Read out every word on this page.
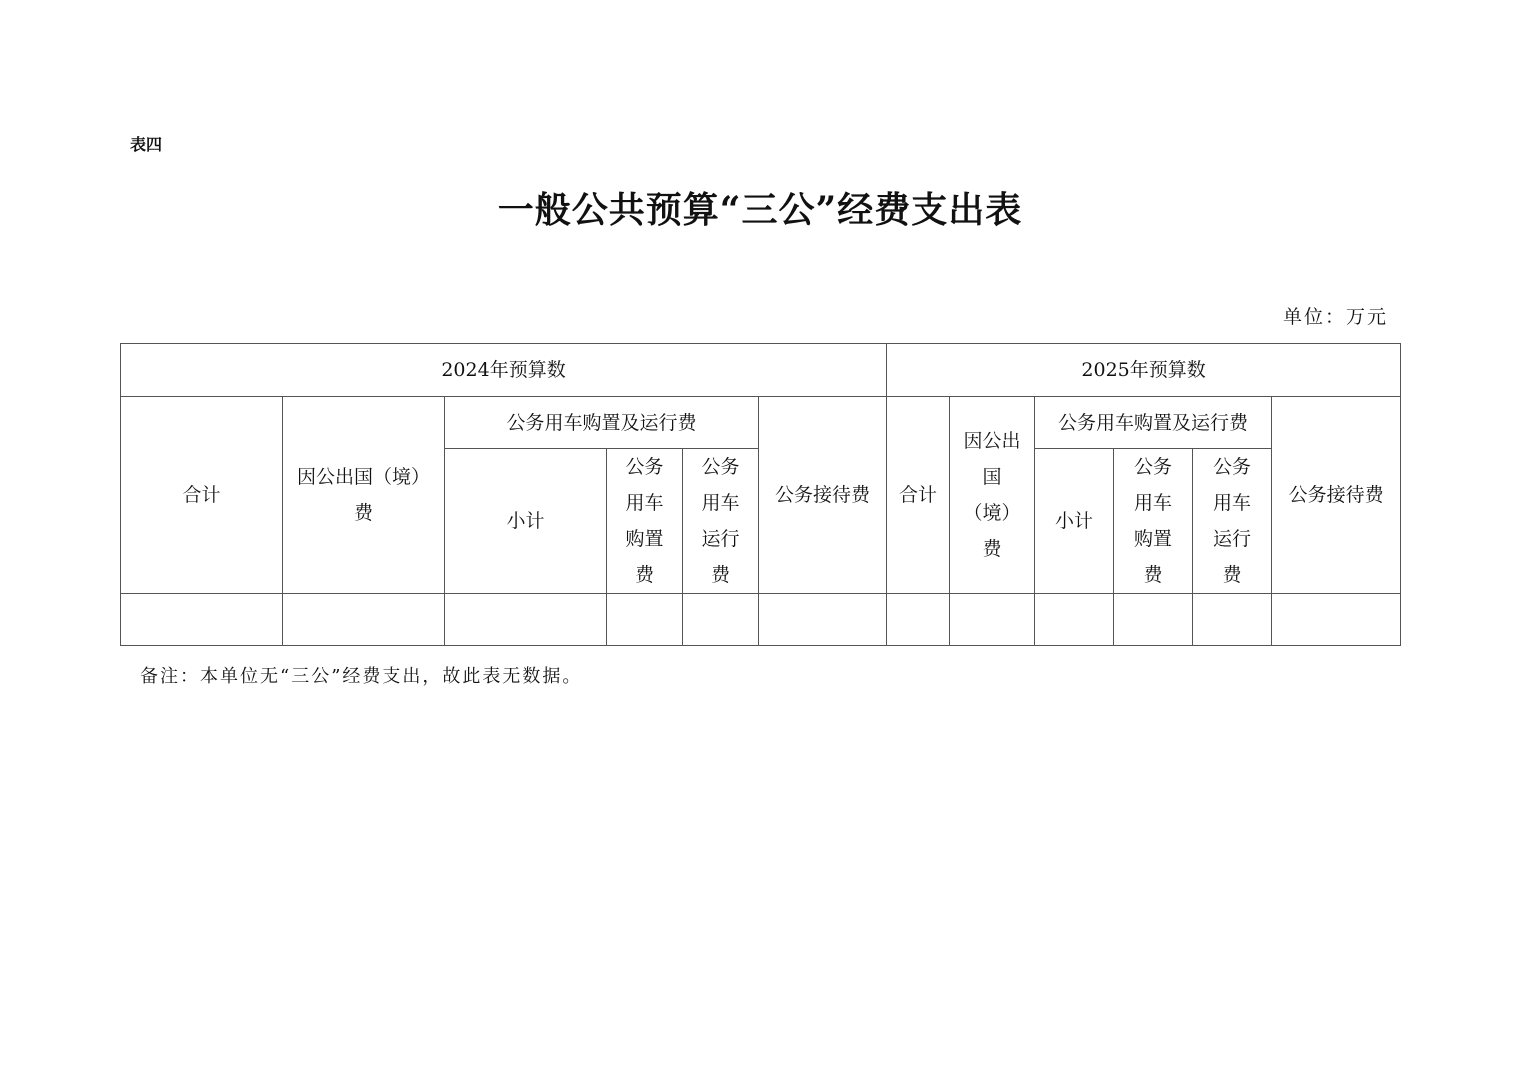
表四
一般公共预算“三公”经费支出表
单位：万元
2024年预算数						2025年预算数					
合计	因公出国（境）费	公务用车购置及运行费			公务接待费	合计	因公出国（境）费	公务用车购置及运行费			公务接待费
		小计	公务用车购置费	公务用车运行费				小计	公务用车购置费	公务用车运行费	

备注：本单位无“三公”经费支出，故此表无数据。
